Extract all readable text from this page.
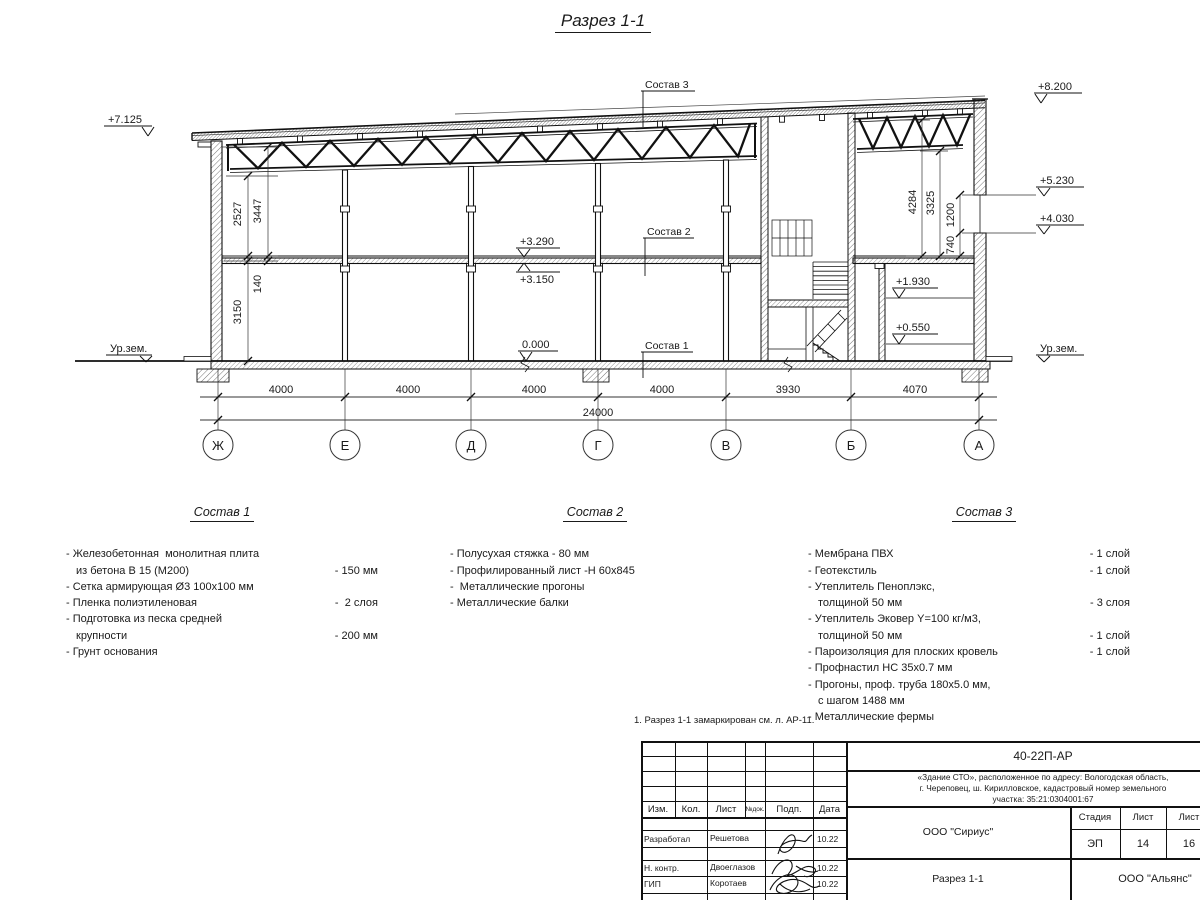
2527 3447
140
3150
4284 3325 1200
740
+7.125
+8.200
+5.230
+4.030
Ур.зем.
Ур.зем.
+3.290
+3.150
0.000
+1.930
+0.550
Состав 3
Состав 2
Состав 1
4000	4000	4000	4000	3930	4070
24000
Ж	Е	Д	Г	В	Б	А
Разрез 1-1
Состав 1
- Железобетонная  монолитная плита
из бетона В 15 (М200)	- 150 мм
- Сетка армирующая Ø3 100х100 мм
- Пленка полиэтиленовая	-  2 слоя
- Подготовка из песка средней
крупности	- 200 мм
- Грунт основания
Состав 2
- Полусухая стяжка - 80 мм
- Профилированный лист -Н 60х845
-  Металлические прогоны
- Металлические балки
Состав 3
- Мембрана ПВХ	- 1 слой
- Геотекстиль	- 1 слой
- Утеплитель Пеноплэкс,
толщиной 50 мм	- 3 слоя
- Утеплитель Эковер Y=100 кг/м3,
толщиной 50 мм	- 1 слой
- Пароизоляция для плоских кровель	- 1 слой
- Профнастил НС 35х0.7 мм
- Прогоны, проф. труба 180х5.0 мм,
с шагом 1488 мм
- Металлические фермы
1. Разрез 1-1 замаркирован см. л. АР-11.
Изм. Кол. Лист №док. Подп. Дата
Разработал Решетова	10.22
Н. контр.	Двоеглазов	10.22
ГИП	Коротаев	10.22
40-22П-АР
«Здание СТО», расположенное по адресу: Вологодская область,
г. Череповец, ш. Кирилловское, кадастровый номер земельного
участка: 35:21:0304001:67
ООО "Сириус"
Стадия Лист	Лист
ЭП	14	16
Разрез 1-1	ООО "Альянс"
